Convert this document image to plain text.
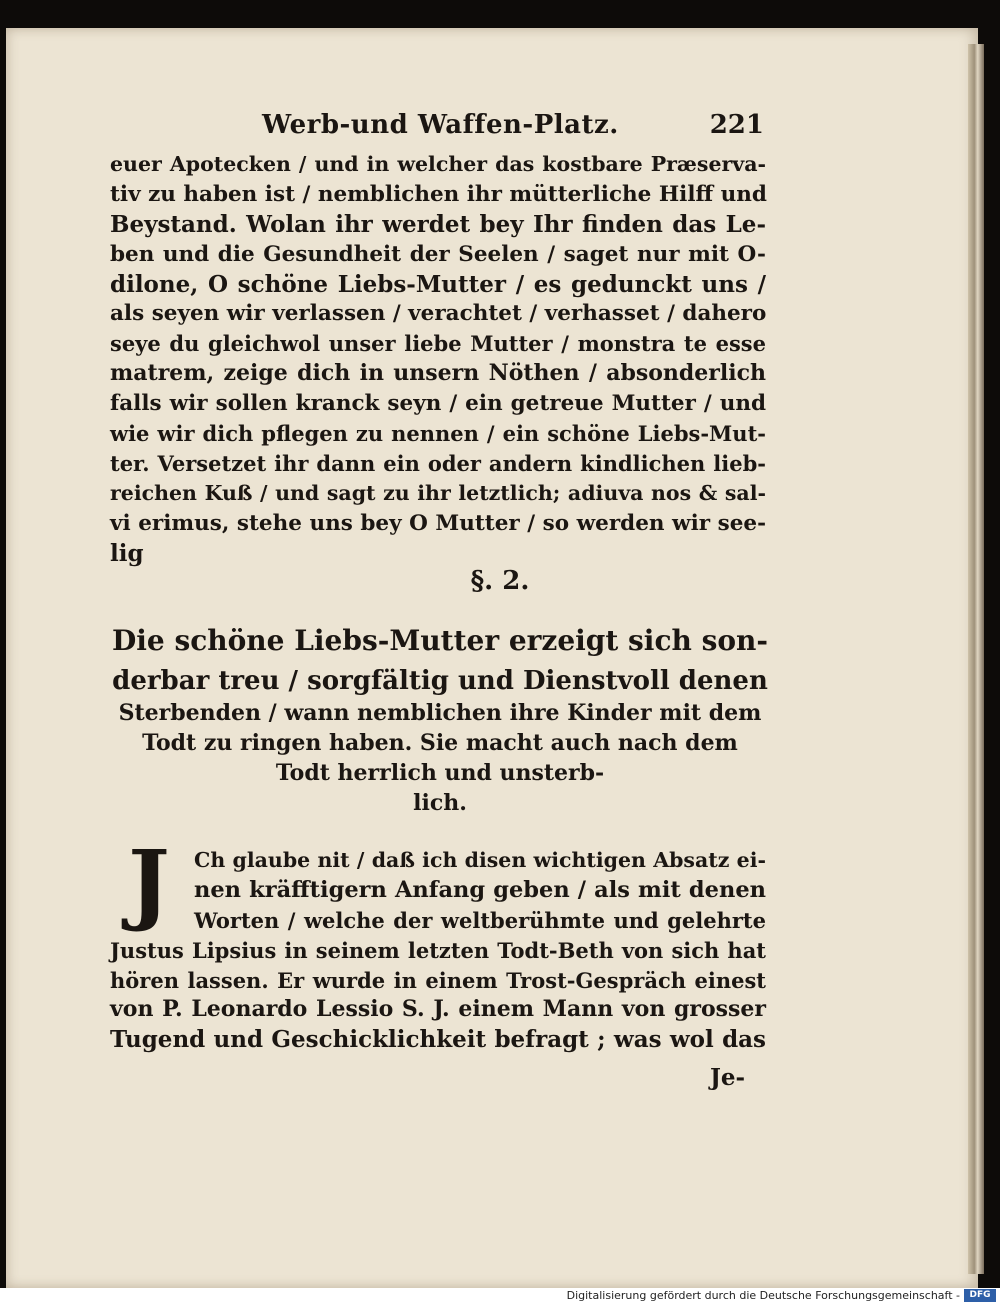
Werb-und Waffen-Platz.	221
euer Apotecken / und in welcher das kostbare Præserva-
tiv zu haben ist / nemblichen ihr mütterliche Hilff und
Beystand. Wolan ihr werdet bey Ihr finden das Le-
ben und die Gesundheit der Seelen / saget nur mit O-
dilone, O schöne Liebs-Mutter / es gedunckt uns /
als seyen wir verlassen / verachtet / verhasset / dahero
seye du gleichwol unser liebe Mutter / monstra te esse
matrem, zeige dich in unsern Nöthen / absonderlich
falls wir sollen kranck seyn / ein getreue Mutter / und
wie wir dich pflegen zu nennen / ein schöne Liebs-Mut-
ter. Versetzet ihr dann ein oder andern kindlichen lieb-
reichen Kuß / und sagt zu ihr letztlich; adiuva nos & sal-
vi erimus, stehe uns bey O Mutter / so werden wir see-
lig
§. 2.
Die schöne Liebs-Mutter erzeigt sich son-
derbar treu / sorgfältig und Dienstvoll denen
Sterbenden / wann nemblichen ihre Kinder mit dem
Todt zu ringen haben. Sie macht auch nach dem
Todt herrlich und unsterb-
lich.
J	Ch glaube nit / daß ich disen wichtigen Absatz ei-
nen kräfftigern Anfang geben / als mit denen
Worten / welche der weltberühmte und gelehrte
Justus Lipsius in seinem letzten Todt-Beth von sich hat
hören lassen. Er wurde in einem Trost-Gespräch einest
von P. Leonardo Lessio S. J. einem Mann von grosser
Tugend und Geschicklichkeit befragt ; was wol das
Je-
Digitalisierung gefördert durch die Deutsche Forschungsgemeinschaft -	DFG
